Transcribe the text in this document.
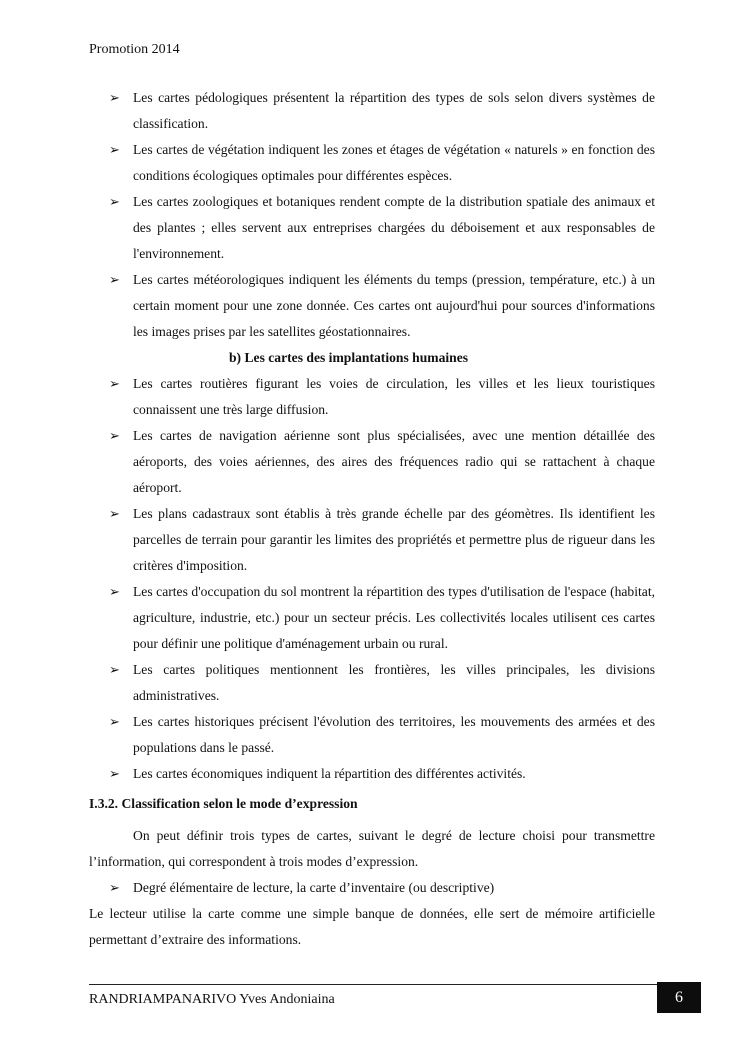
Promotion 2014
➢ Les cartes pédologiques présentent la répartition des types de sols selon divers systèmes de classification.
➢ Les cartes de végétation indiquent les zones et étages de végétation « naturels » en fonction des conditions écologiques optimales pour différentes espèces.
➢ Les cartes zoologiques et botaniques rendent compte de la distribution spatiale des animaux et des plantes ; elles servent aux entreprises chargées du déboisement et aux responsables de l'environnement.
➢ Les cartes météorologiques indiquent les éléments du temps (pression, température, etc.) à un certain moment pour une zone donnée. Ces cartes ont aujourd'hui pour sources d'informations les images prises par les satellites géostationnaires.
b) Les cartes des implantations humaines
➢ Les cartes routières figurant les voies de circulation, les villes et les lieux touristiques connaissent une très large diffusion.
➢ Les cartes de navigation aérienne sont plus spécialisées, avec une mention détaillée des aéroports, des voies aériennes, des aires des fréquences radio qui se rattachent à chaque aéroport.
➢ Les plans cadastraux sont établis à très grande échelle par des géomètres. Ils identifient les parcelles de terrain pour garantir les limites des propriétés et permettre plus de rigueur dans les critères d'imposition.
➢ Les cartes d'occupation du sol montrent la répartition des types d'utilisation de l'espace (habitat, agriculture, industrie, etc.) pour un secteur précis. Les collectivités locales utilisent ces cartes pour définir une politique d'aménagement urbain ou rural.
➢ Les cartes politiques mentionnent les frontières, les villes principales, les divisions administratives.
➢ Les cartes historiques précisent l'évolution des territoires, les mouvements des armées et des populations dans le passé.
➢ Les cartes économiques indiquent la répartition des différentes activités.
I.3.2. Classification selon le mode d’expression
On peut définir trois types de cartes, suivant le degré de lecture choisi pour transmettre l’information, qui correspondent à trois modes d’expression.
➢ Degré élémentaire de lecture, la carte d’inventaire (ou descriptive)
Le lecteur utilise la carte comme une simple banque de données, elle sert de mémoire artificielle permettant d’extraire des informations.
RANDRIAMPANARIVO Yves Andoniaina	6
